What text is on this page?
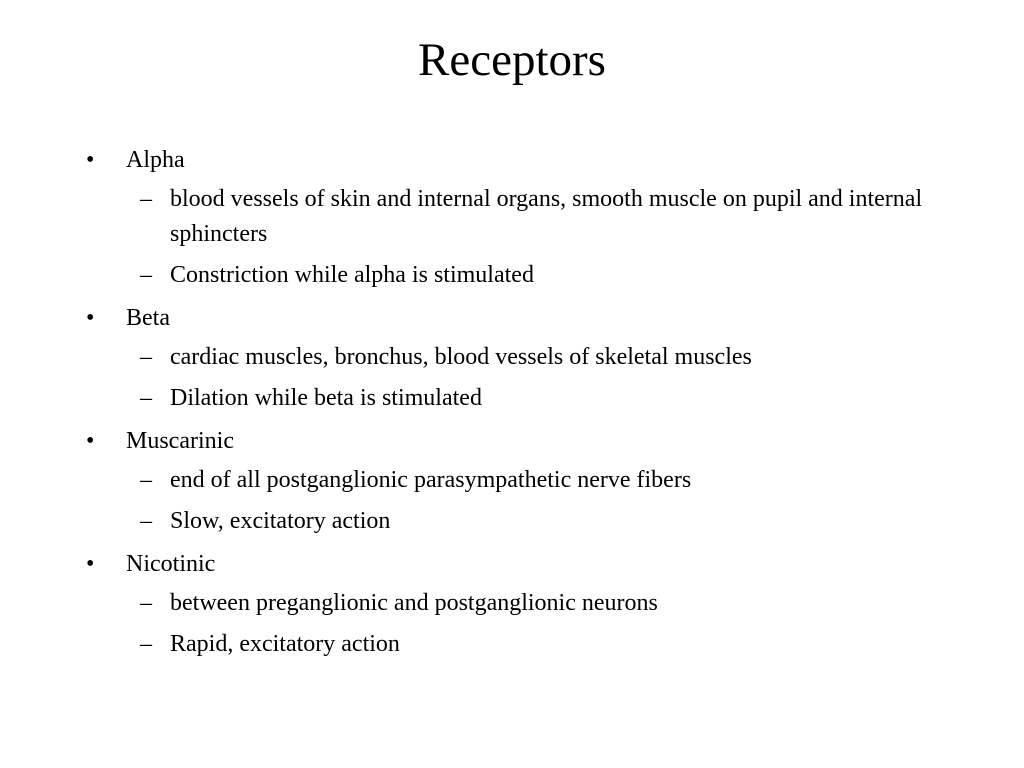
Receptors
•	Alpha
– blood vessels of skin and internal organs, smooth muscle on pupil and internal sphincters
– Constriction while alpha is stimulated
•	Beta
– cardiac muscles, bronchus, blood vessels of skeletal muscles
– Dilation while beta is stimulated
•	Muscarinic
– end of all postganglionic parasympathetic nerve fibers
– Slow, excitatory action
•	Nicotinic
– between preganglionic and postganglionic neurons
– Rapid, excitatory action
